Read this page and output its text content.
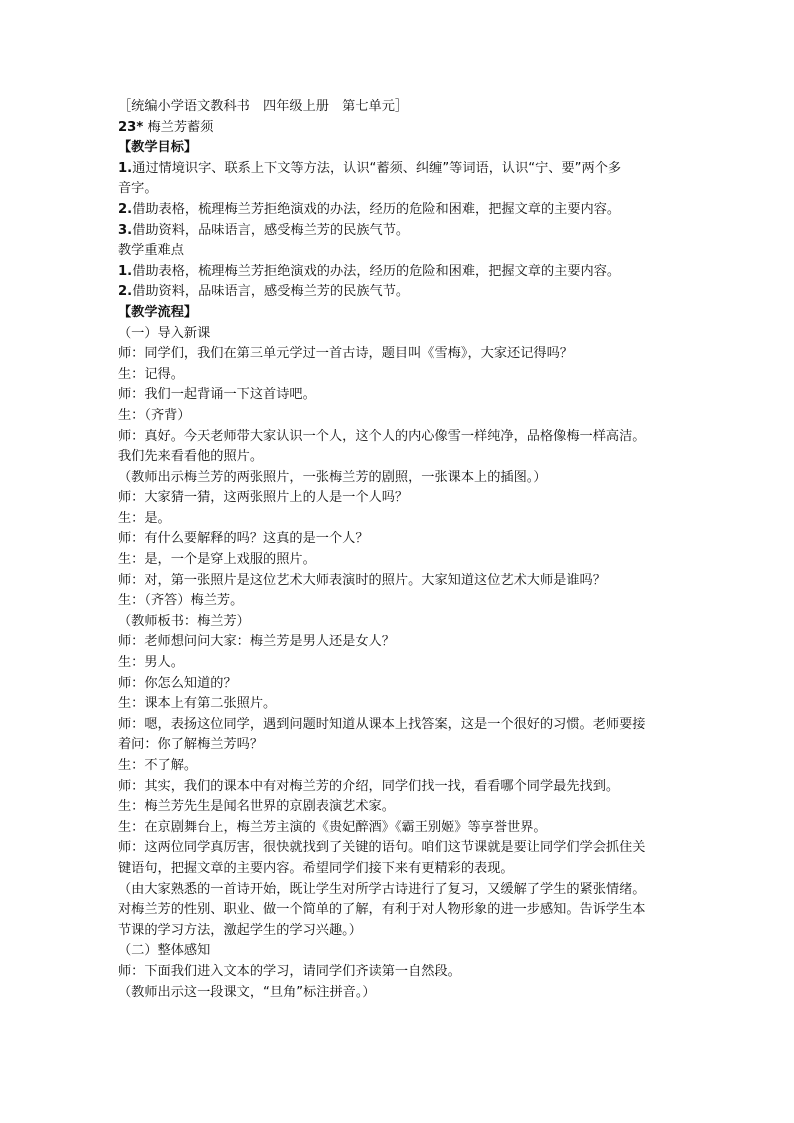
［统编小学语文教科书　四年级上册　第七单元］
23* 梅兰芳蓄须
【教学目标】
1.通过情境识字、联系上下文等方法，认识“蓄须、纠缠”等词语，认识“宁、要”两个多
音字。
2.借助表格，梳理梅兰芳拒绝演戏的办法，经历的危险和困难，把握文章的主要内容。
3.借助资料，品味语言，感受梅兰芳的民族气节。
教学重难点
1.借助表格，梳理梅兰芳拒绝演戏的办法，经历的危险和困难，把握文章的主要内容。
2.借助资料，品味语言，感受梅兰芳的民族气节。
【教学流程】
（一）导入新课
师：同学们，我们在第三单元学过一首古诗，题目叫《雪梅》，大家还记得吗？
生：记得。
师：我们一起背诵一下这首诗吧。
生：（齐背）
师：真好。今天老师带大家认识一个人，这个人的内心像雪一样纯净，品格像梅一样高洁。
我们先来看看他的照片。
（教师出示梅兰芳的两张照片，一张梅兰芳的剧照，一张课本上的插图。）
师：大家猜一猜，这两张照片上的人是一个人吗？
生：是。
师：有什么要解释的吗？这真的是一个人？
生：是，一个是穿上戏服的照片。
师：对，第一张照片是这位艺术大师表演时的照片。大家知道这位艺术大师是谁吗？
生：（齐答）梅兰芳。
（教师板书：梅兰芳）
师：老师想问问大家：梅兰芳是男人还是女人？
生：男人。
师：你怎么知道的？
生：课本上有第二张照片。
师：嗯，表扬这位同学，遇到问题时知道从课本上找答案，这是一个很好的习惯。老师要接
着问：你了解梅兰芳吗？
生：不了解。
师：其实，我们的课本中有对梅兰芳的介绍，同学们找一找，看看哪个同学最先找到。
生：梅兰芳先生是闻名世界的京剧表演艺术家。
生：在京剧舞台上，梅兰芳主演的《贵妃醉酒》《霸王别姬》等享誉世界。
师：这两位同学真厉害，很快就找到了关键的语句。咱们这节课就是要让同学们学会抓住关
键语句，把握文章的主要内容。希望同学们接下来有更精彩的表现。
（由大家熟悉的一首诗开始，既让学生对所学古诗进行了复习，又缓解了学生的紧张情绪。
对梅兰芳的性别、职业、做一个简单的了解，有利于对人物形象的进一步感知。告诉学生本
节课的学习方法，激起学生的学习兴趣。）
（二）整体感知
师：下面我们进入文本的学习，请同学们齐读第一自然段。
（教师出示这一段课文，“旦角”标注拼音。）
